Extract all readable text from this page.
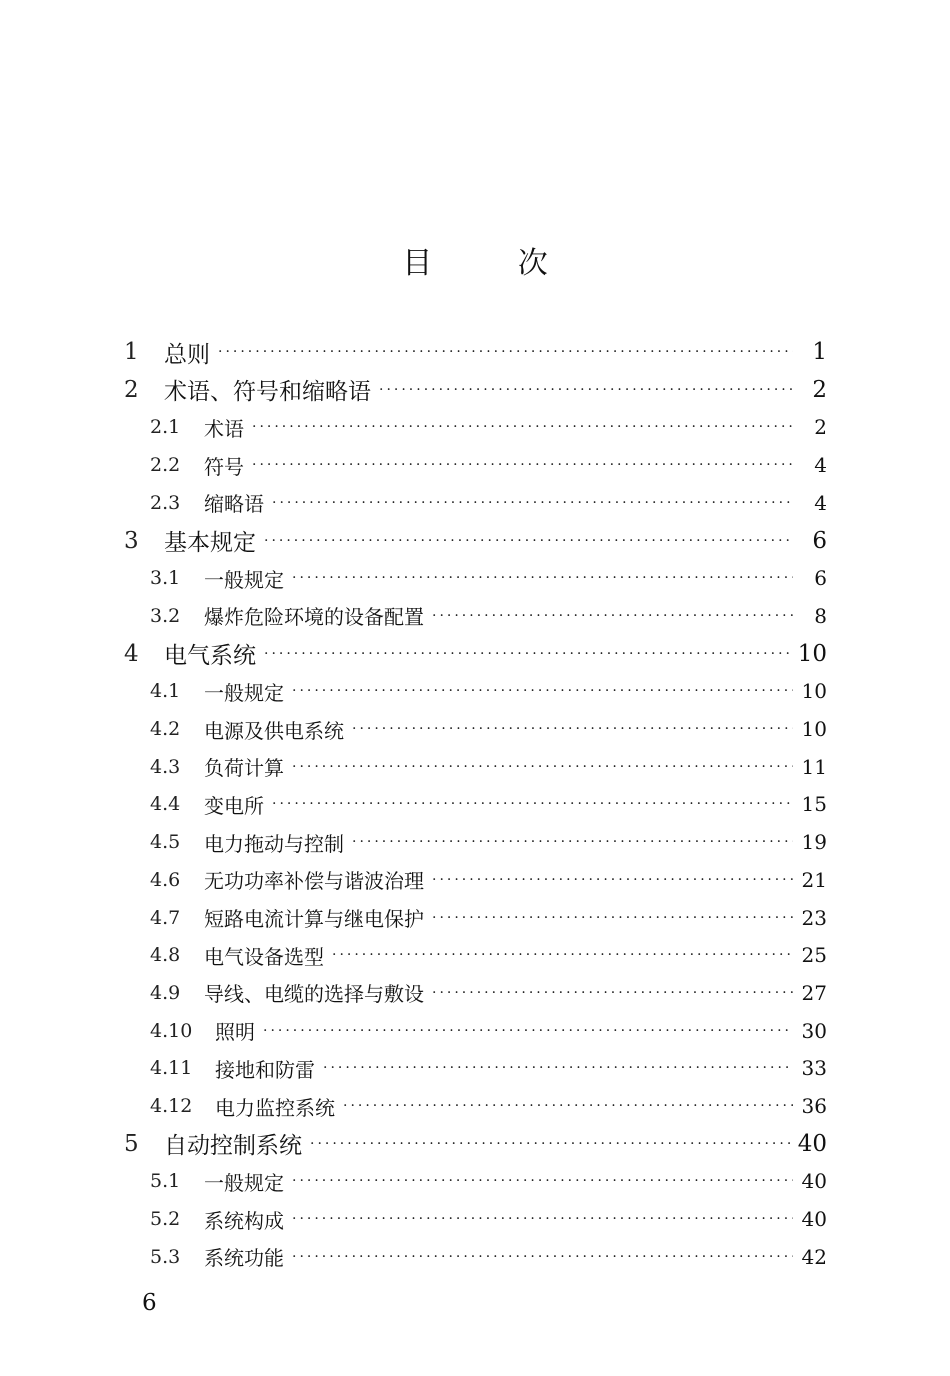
目	次
1	总则 ·····	1
2	术语、符号和缩略语 ·····	2
2.1	术语 ·····	2
2.2	符号 ·····	4
2.3	缩略语 ·····	4
3	基本规定 ·····	6
3.1	一般规定 ·····	6
3.2	爆炸危险环境的设备配置 ·····	8
4	电气系统 ·····	10
4.1	一般规定 ·····	10
4.2	电源及供电系统 ·····	10
4.3	负荷计算 ·····	11
4.4	变电所 ·····	15
4.5	电力拖动与控制 ·····	19
4.6	无功功率补偿与谐波治理 ·····	21
4.7	短路电流计算与继电保护 ·····	23
4.8	电气设备选型 ·····	25
4.9	导线、电缆的选择与敷设 ·····	27
4.10	照明 ·····	30
4.11	接地和防雷 ·····	33
4.12	电力监控系统 ·····	36
5	自动控制系统 ·····	40
5.1	一般规定 ·····	40
5.2	系统构成 ·····	40
5.3	系统功能 ·····	42
6
